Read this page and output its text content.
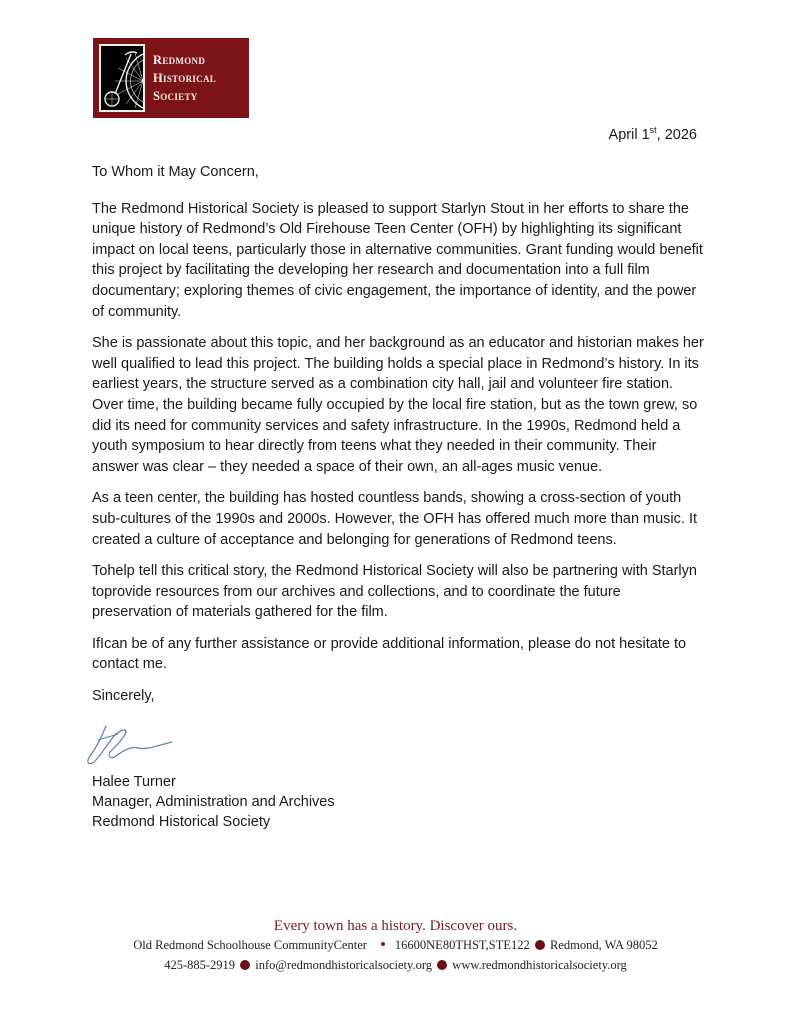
Redmond
Historical
Society
April 1st, 2026

To Whom it May Concern,

The Redmond Historical Society is pleased to support Starlyn Stout in her efforts to share the unique history of Redmond’s Old Firehouse Teen Center (OFH) by highlighting its significant impact on local teens, particularly those in alternative communities. Grant funding would benefit this project by facilitating the developing her research and documentation into a full film documentary; exploring themes of civic engagement, the importance of identity, and the power of community.

She is passionate about this topic, and her background as an educator and historian makes her well qualified to lead this project. The building holds a special place in Redmond’s history. In its earliest years, the structure served as a combination city hall, jail and volunteer fire station. Over time, the building became fully occupied by the local fire station, but as the town grew, so did its need for community services and safety infrastructure. In the 1990s, Redmond held a youth symposium to hear directly from teens what they needed in their community. Their answer was clear – they needed a space of their own, an all-ages music venue.

As a teen center, the building has hosted countless bands, showing a cross-section of youth sub-cultures of the 1990s and 2000s. However, the OFH has offered much more than music. It created a culture of acceptance and belonging for generations of Redmond teens.

Tohelp tell this critical story, the Redmond Historical Society will also be partnering with Starlyn toprovide resources from our archives and collections, and to coordinate the future preservation of materials gathered for the film.

IfIcan be of any further assistance or provide additional information, please do not hesitate to contact me.

Sincerely,

Halee Turner
Manager, Administration and Archives
Redmond Historical Society
Every town has a history. Discover ours.
Old Redmond Schoolhouse CommunityCenter 16600NE80THST,STE122 Redmond, WA 98052
425-885-2919 info@redmondhistoricalsociety.org www.redmondhistoricalsociety.org
